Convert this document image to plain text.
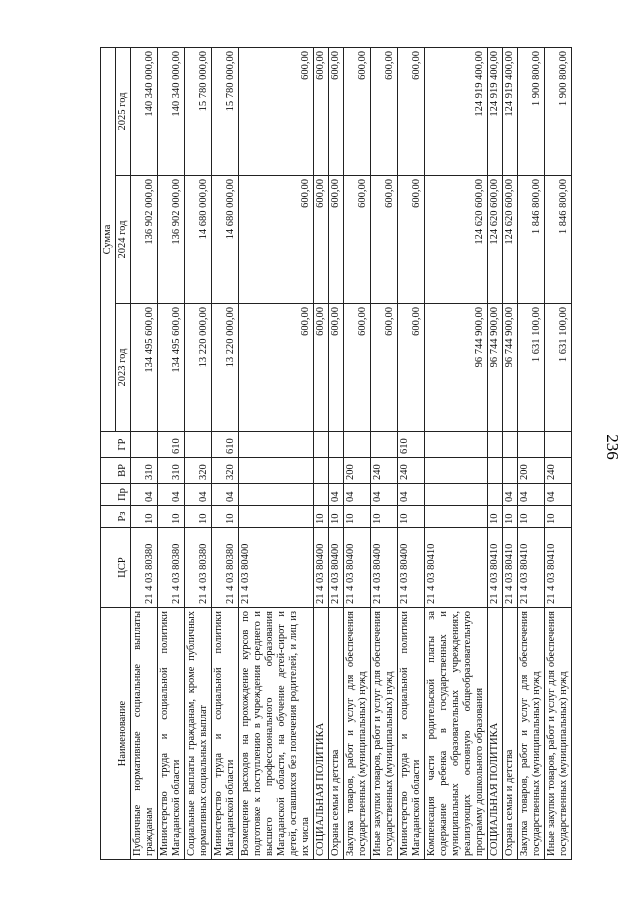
236
Наименование	ЦСР	Рз	Пр	ВР	ГР	Сумма		
						2023 год	2024 год	2025 год
Публичные нормативные социальные выплаты гражданам	21 4 03 80380	10	04	310		134 495 600,00	136 902 000,00	140 340 000,00
Министерство труда и социальной политики Магаданской области	21 4 03 80380	10	04	310	610	134 495 600,00	136 902 000,00	140 340 000,00
Социальные выплаты гражданам, кроме публичных нормативных социальных выплат	21 4 03 80380	10	04	320		13 220 000,00	14 680 000,00	15 780 000,00
Министерство труда и социальной политики Магаданской области	21 4 03 80380	10	04	320	610	13 220 000,00	14 680 000,00	15 780 000,00
Возмещение расходов на прохождение курсов по подготовке к поступлению в учреждения среднего и высшего профессионального образования Магаданской области, на обучение детей-сирот и детей, оставшихся без попечения родителей, и лиц из их числа	21 4 03 80400					600,00	600,00	600,00
СОЦИАЛЬНАЯ ПОЛИТИКА	21 4 03 80400	10				600,00	600,00	600,00
Охрана семьи и детства	21 4 03 80400	10	04			600,00	600,00	600,00
Закупка товаров, работ и услуг для обеспечения государственных (муниципальных) нужд	21 4 03 80400	10	04	200		600,00	600,00	600,00
Иные закупки товаров, работ и услуг для обеспечения государственных (муниципальных) нужд	21 4 03 80400	10	04	240		600,00	600,00	600,00
Министерство труда и социальной политики Магаданской области	21 4 03 80400	10	04	240	610	600,00	600,00	600,00
Компенсация части родительской платы за содержание ребенка в государственных и муниципальных образовательных учреждениях, реализующих основную общеобразовательную программу дошкольного образования	21 4 03 80410					96 744 900,00	124 620 600,00	124 919 400,00
СОЦИАЛЬНАЯ ПОЛИТИКА	21 4 03 80410	10				96 744 900,00	124 620 600,00	124 919 400,00
Охрана семьи и детства	21 4 03 80410	10	04			96 744 900,00	124 620 600,00	124 919 400,00
Закупка товаров, работ и услуг для обеспечения государственных (муниципальных) нужд	21 4 03 80410	10	04	200		1 631 100,00	1 846 800,00	1 900 800,00
Иные закупки товаров, работ и услуг для обеспечения государственных (муниципальных) нужд	21 4 03 80410	10	04	240		1 631 100,00	1 846 800,00	1 900 800,00
